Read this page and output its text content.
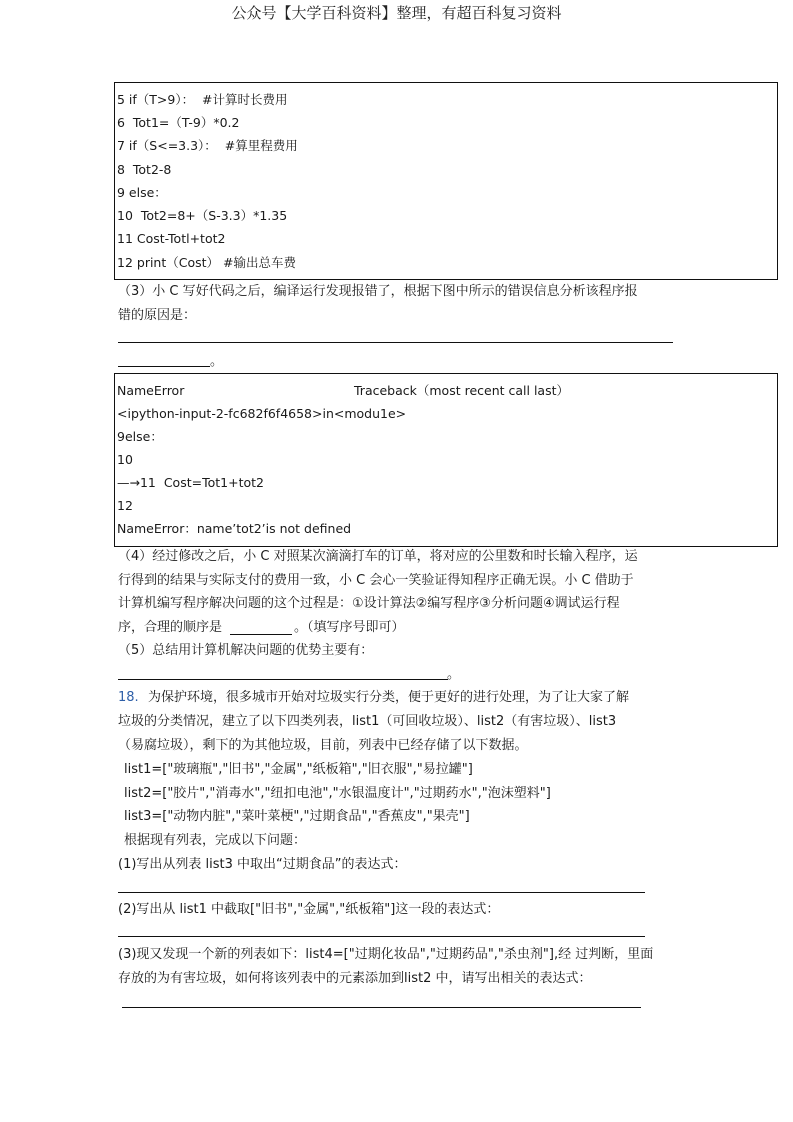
公众号【大学百科资料】整理，有超百科复习资料
5 if（T>9）：  #计算时长费用
6  Tot1=（T-9）*0.2
7 if（S<=3.3）：  #算里程费用
8  Tot2-8
9 else：
10  Tot2=8+（S-3.3）*1.35
11 Cost-Totl+tot2
12 print（Cost） #输出总车费
（3）小 C 写好代码之后，编译运行发现报错了，根据下图中所示的错误信息分析该程序报
错的原因是：
。
NameError	Traceback（most recent call last）
<ipython-input-2-fc682f6f4658>in<modu1e>
9else：
10
—→11  Cost=Tot1+tot2
12
NameError：name’tot2’is not defined
（4）经过修改之后，小 C 对照某次滴滴打车的订单，将对应的公里数和时长输入程序，运
行得到的结果与实际支付的费用一致，小 C 会心一笑验证得知程序正确无误。小 C 借助于
计算机编写程序解决问题的这个过程是：①设计算法②编写程序③分析问题④调试运行程
序，合理的顺序是	。（填写序号即可）
（5）总结用计算机解决问题的优势主要有：
。
18. 为保护环境，很多城市开始对垃圾实行分类，便于更好的进行处理，为了让大家了解
垃圾的分类情况，建立了以下四类列表，list1（可回收垃圾）、list2（有害垃圾）、list3
（易腐垃圾），剩下的为其他垃圾，目前，列表中已经存储了以下数据。
list1=["玻璃瓶","旧书","金属","纸板箱","旧衣服","易拉罐"]
list2=["胶片","消毒水","纽扣电池","水银温度计","过期药水","泡沫塑料"]
list3=["动物内脏","菜叶菜梗","过期食品","香蕉皮","果壳"]
根据现有列表，完成以下问题：
(1)写出从列表 list3 中取出“过期食品”的表达式：
(2)写出从 list1 中截取["旧书","金属","纸板箱"]这一段的表达式：
(3)现又发现一个新的列表如下：list4=["过期化妆品","过期药品","杀虫剂"],经 过判断，里面
存放的为有害垃圾，如何将该列表中的元素添加到list2 中，请写出相关的表达式：
